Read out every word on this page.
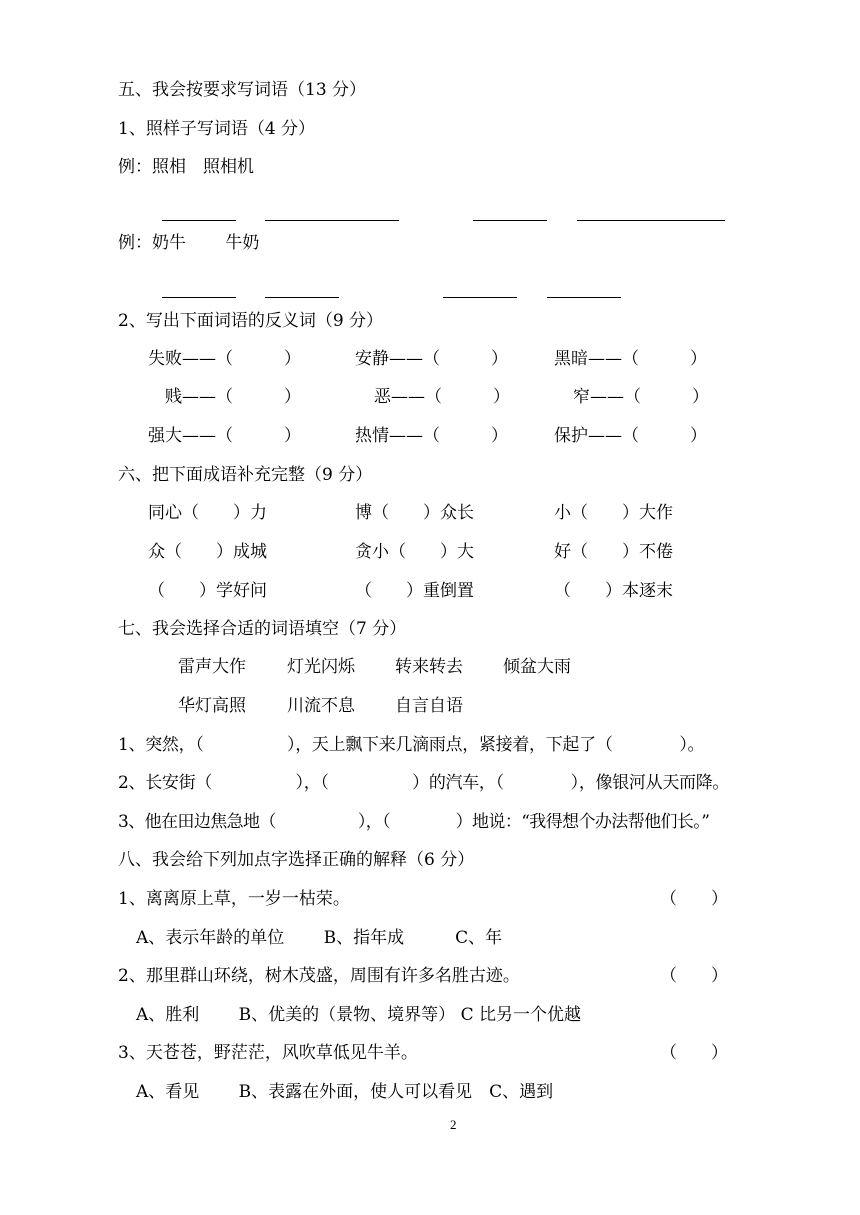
五、我会按要求写词语（13 分）
1、照样子写词语（4 分）
例：照相　照相机
例：奶牛　　 牛奶
2、写出下面词语的反义词（9 分）
失败——（　　　）	安静——（　　　）	黑暗——（　　　）
贱——（　　　）	恶——（　　　）	窄——（　　　）
强大——（　　　）	热情——（　　　）	保护——（　　　）
六、把下面成语补充完整（9 分）
同心（　　）力	博（　　）众长	小（　　）大作
众（　　）成城	贪小（　　）大	好（　　）不倦
（　　）学好问	（　　）重倒置	（　　）本逐末
七、我会选择合适的词语填空（7 分）
雷声大作 灯光闪烁 转来转去 倾盆大雨
华灯高照 川流不息 自言自语
1、突然，（　　　　　），天上飘下来几滴雨点，紧接着，下起了（　　　　）。
2、长安街（　　　　　），（　　　　　）的汽车，（　　　　），像银河从天而降。
3、他在田边焦急地（　　　　　），（　　　　）地说：“我得想个办法帮他们长。”
八、我会给下列加点字选择正确的解释（6 分）
1、离离原上草，一岁一枯荣。	（　　）
A、表示年龄的单位　　 B、指年成　　　C、年
2、那里群山环绕，树木茂盛，周围有许多名胜古迹。	（　　）
A、胜利　　 B、优美的（景物、境界等） C 比另一个优越
3、天苍苍，野茫茫，风吹草低见牛羊。	（　　）
A、看见　　 B、表露在外面，使人可以看见　C、遇到
2
